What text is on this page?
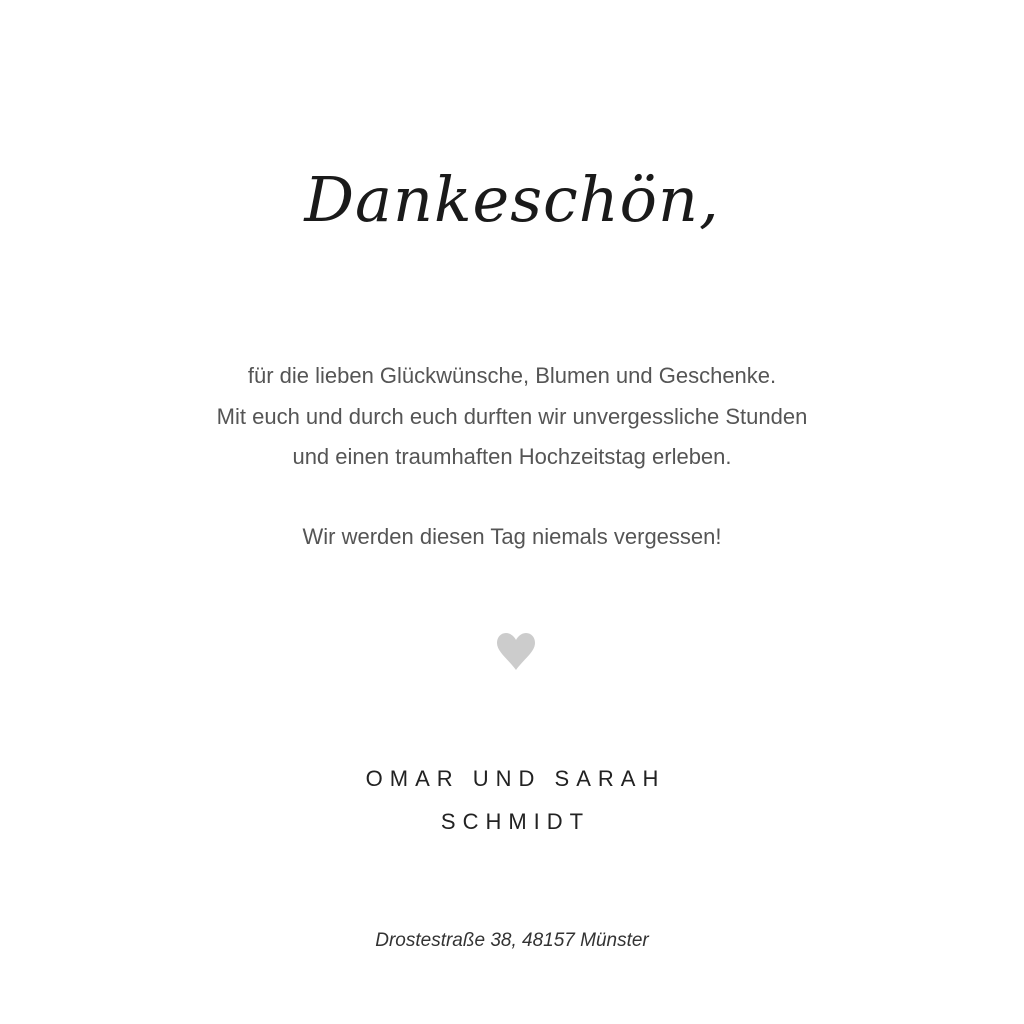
Dankeschön,

für die lieben Glückwünsche, Blumen und Geschenke.

Mit euch und durch euch durften wir unvergessliche Stunden

und einen traumhaften Hochzeitstag erleben.

Wir werden diesen Tag niemals vergessen!
OMAR UND SARAH
SCHMIDT
Drostestraße 38, 48157 Münster
